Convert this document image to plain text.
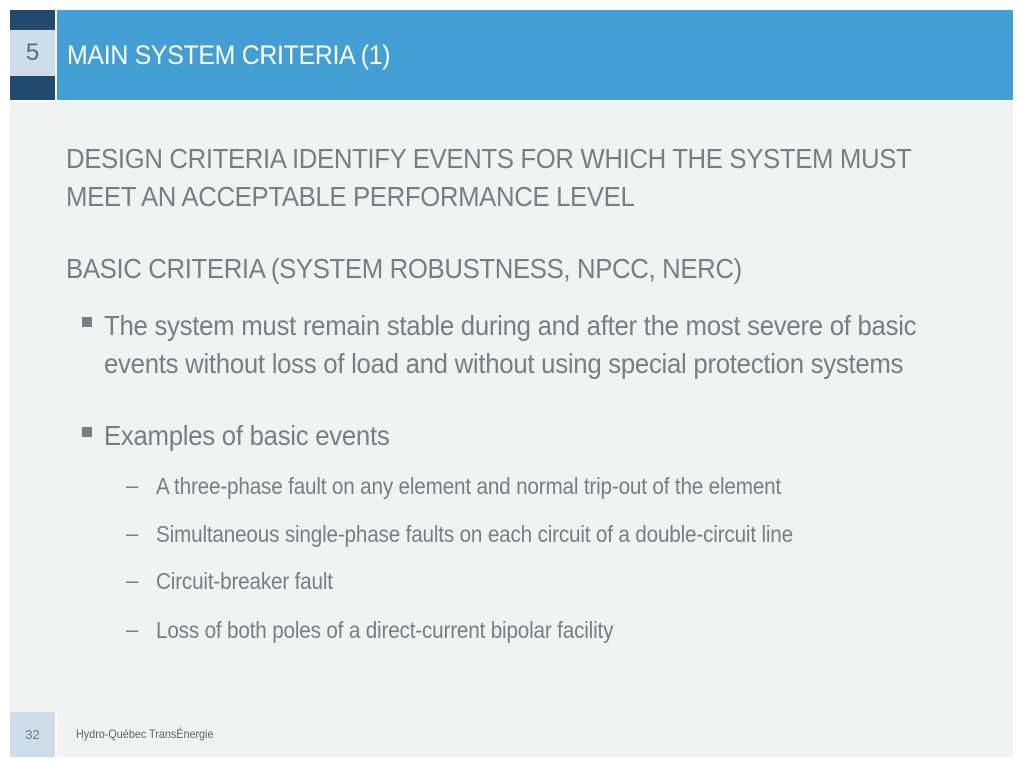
5	MAIN SYSTEM CRITERIA (1)
DESIGN CRITERIA IDENTIFY EVENTS FOR WHICH THE SYSTEM MUST
MEET AN ACCEPTABLE PERFORMANCE LEVEL
BASIC CRITERIA (SYSTEM ROBUSTNESS, NPCC, NERC)
The system must remain stable during and after the most severe of basic
events without loss of load and without using special protection systems
Examples of basic events
– A three-phase fault on any element and normal trip-out of the element
– Simultaneous single-phase faults on each circuit of a double-circuit line
– Circuit-breaker fault
– Loss of both poles of a direct-current bipolar facility
32	Hydro-Québec TransÉnergie
